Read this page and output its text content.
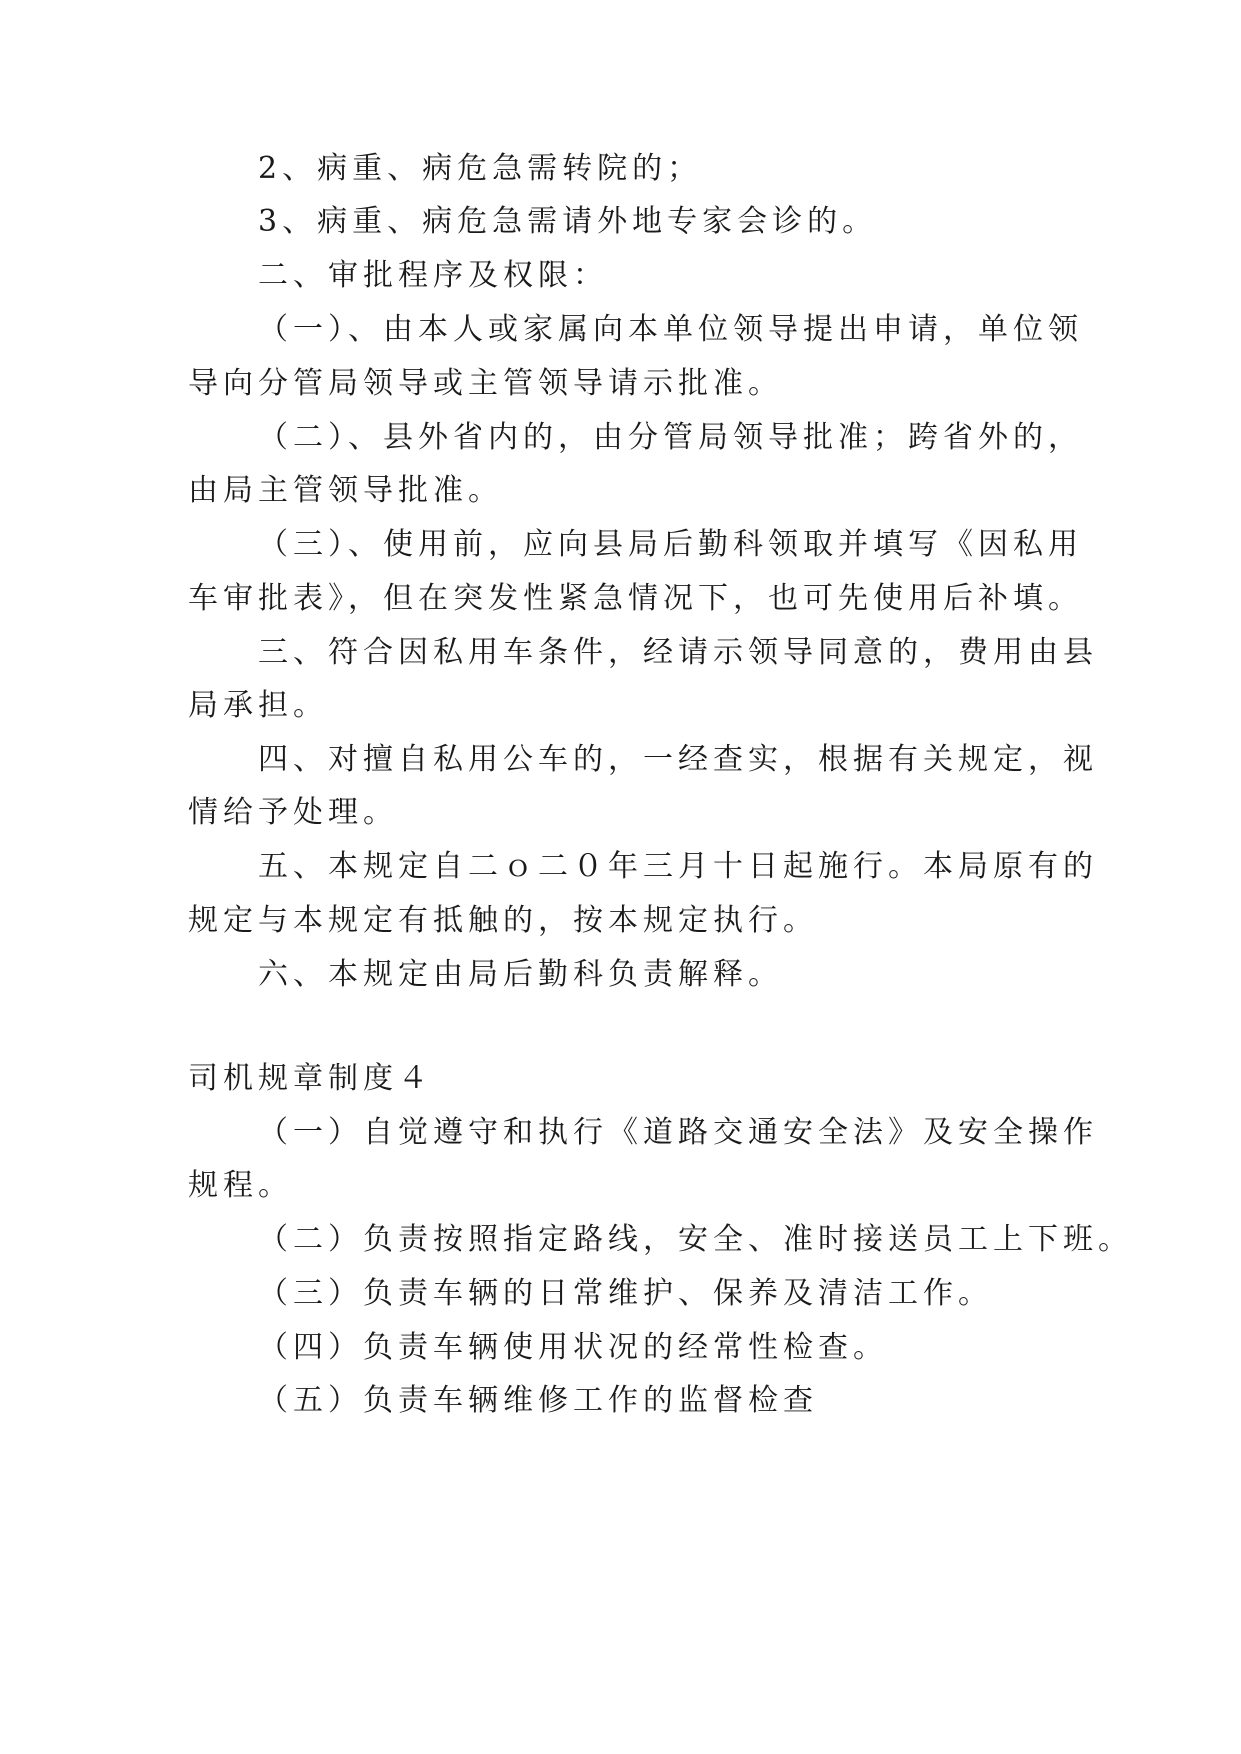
2、病重、病危急需转院的；

3、病重、病危急需请外地专家会诊的。

二、审批程序及权限：

（一）、由本人或家属向本单位领导提出申请，单位领

导向分管局领导或主管领导请示批准。

（二）、县外省内的，由分管局领导批准；跨省外的，

由局主管领导批准。

（三）、使用前，应向县局后勤科领取并填写《因私用

车审批表》，但在突发性紧急情况下，也可先使用后补填。

三、符合因私用车条件，经请示领导同意的，费用由县

局承担。

四、对擅自私用公车的，一经查实，根据有关规定，视

情给予处理。

五、本规定自二ｏ二０年三月十日起施行。本局原有的

规定与本规定有抵触的，按本规定执行。

六、本规定由局后勤科负责解释。

司机规章制度４

（一）自觉遵守和执行《道路交通安全法》及安全操作

规程。

（二）负责按照指定路线，安全、准时接送员工上下班。

（三）负责车辆的日常维护、保养及清洁工作。

（四）负责车辆使用状况的经常性检查。

（五）负责车辆维修工作的监督检查
